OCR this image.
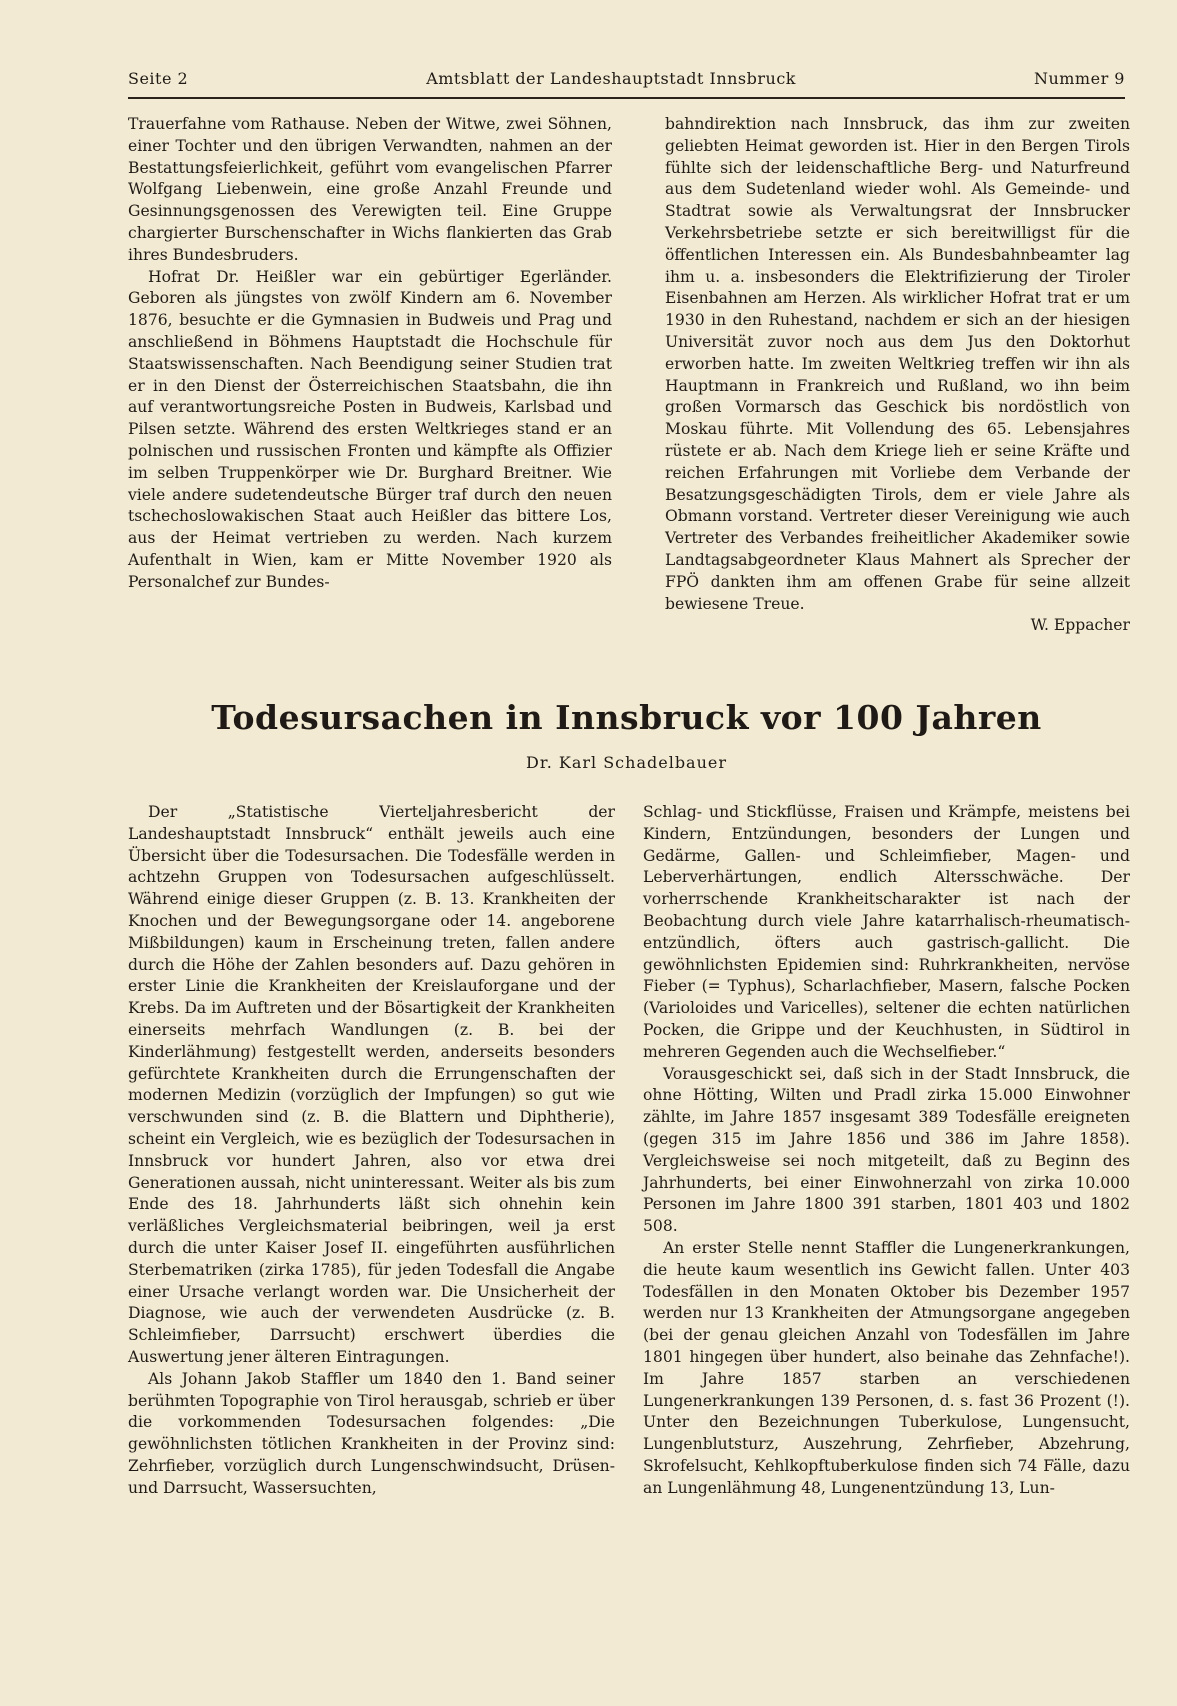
Seite 2	Amtsblatt der Landeshauptstadt Innsbruck	Nummer 9

Trauerfahne vom Rathause. Neben der Witwe, zwei Söhnen, einer Tochter und den übrigen Verwandten, nahmen an der Bestattungsfeierlichkeit, geführt vom evangelischen Pfarrer Wolfgang Liebenwein, eine große Anzahl Freunde und Gesinnungsgenossen des Verewigten teil. Eine Gruppe chargierter Burschenschafter in Wichs flankierten das Grab ihres Bundesbruders.

Hofrat Dr. Heißler war ein gebürtiger Egerländer. Geboren als jüngstes von zwölf Kindern am 6. November 1876, besuchte er die Gymnasien in Budweis und Prag und anschließend in Böhmens Hauptstadt die Hochschule für Staatswissenschaften. Nach Beendigung seiner Studien trat er in den Dienst der Österreichischen Staatsbahn, die ihn auf verantwortungsreiche Posten in Budweis, Karlsbad und Pilsen setzte. Während des ersten Weltkrieges stand er an polnischen und russischen Fronten und kämpfte als Offizier im selben Truppenkörper wie Dr. Burghard Breitner. Wie viele andere sudetendeutsche Bürger traf durch den neuen tschechoslowakischen Staat auch Heißler das bittere Los, aus der Heimat vertrieben zu werden. Nach kurzem Aufenthalt in Wien, kam er Mitte November 1920 als Personalchef zur Bundes-

bahndirektion nach Innsbruck, das ihm zur zweiten geliebten Heimat geworden ist. Hier in den Bergen Tirols fühlte sich der leidenschaftliche Berg- und Naturfreund aus dem Sudetenland wieder wohl. Als Gemeinde- und Stadtrat sowie als Verwaltungsrat der Innsbrucker Verkehrsbetriebe setzte er sich bereitwilligst für die öffentlichen Interessen ein. Als Bundesbahnbeamter lag ihm u. a. insbesonders die Elektrifizierung der Tiroler Eisenbahnen am Herzen. Als wirklicher Hofrat trat er um 1930 in den Ruhestand, nachdem er sich an der hiesigen Universität zuvor noch aus dem Jus den Doktorhut erworben hatte. Im zweiten Weltkrieg treffen wir ihn als Hauptmann in Frankreich und Rußland, wo ihn beim großen Vormarsch das Geschick bis nordöstlich von Moskau führte. Mit Vollendung des 65. Lebensjahres rüstete er ab. Nach dem Kriege lieh er seine Kräfte und reichen Erfahrungen mit Vorliebe dem Verbande der Besatzungsgeschädigten Tirols, dem er viele Jahre als Obmann vorstand. Vertreter dieser Vereinigung wie auch Vertreter des Verbandes freiheitlicher Akademiker sowie Landtagsabgeordneter Klaus Mahnert als Sprecher der FPÖ dankten ihm am offenen Grabe für seine allzeit bewiesene Treue.

W. Eppacher

Todesursachen in Innsbruck vor 100 Jahren
Dr. Karl Schadelbauer

Der „Statistische Vierteljahresbericht der Landeshauptstadt Innsbruck“ enthält jeweils auch eine Übersicht über die Todesursachen. Die Todesfälle werden in achtzehn Gruppen von Todesursachen aufgeschlüsselt. Während einige dieser Gruppen (z. B. 13. Krankheiten der Knochen und der Bewegungsorgane oder 14. angeborene Mißbildungen) kaum in Erscheinung treten, fallen andere durch die Höhe der Zahlen besonders auf. Dazu gehören in erster Linie die Krankheiten der Kreislauforgane und der Krebs. Da im Auftreten und der Bösartigkeit der Krankheiten einerseits mehrfach Wandlungen (z. B. bei der Kinderlähmung) festgestellt werden, anderseits besonders gefürchtete Krankheiten durch die Errungenschaften der modernen Medizin (vorzüglich der Impfungen) so gut wie verschwunden sind (z. B. die Blattern und Diphtherie), scheint ein Vergleich, wie es bezüglich der Todesursachen in Innsbruck vor hundert Jahren, also vor etwa drei Generationen aussah, nicht uninteressant. Weiter als bis zum Ende des 18. Jahrhunderts läßt sich ohnehin kein verläßliches Vergleichsmaterial beibringen, weil ja erst durch die unter Kaiser Josef II. eingeführten ausführlichen Sterbematriken (zirka 1785), für jeden Todesfall die Angabe einer Ursache verlangt worden war. Die Unsicherheit der Diagnose, wie auch der verwendeten Ausdrücke (z. B. Schleimfieber, Darrsucht) erschwert überdies die Auswertung jener älteren Eintragungen.

Als Johann Jakob Staffler um 1840 den 1. Band seiner berühmten Topographie von Tirol herausgab, schrieb er über die vorkommenden Todesursachen folgendes: „Die gewöhnlichsten tötlichen Krankheiten in der Provinz sind: Zehrfieber, vorzüglich durch Lungenschwindsucht, Drüsen- und Darrsucht, Wassersuchten,

Schlag- und Stickflüsse, Fraisen und Krämpfe, meistens bei Kindern, Entzündungen, besonders der Lungen und Gedärme, Gallen- und Schleimfieber, Magen- und Leberverhärtungen, endlich Altersschwäche. Der vorherrschende Krankheitscharakter ist nach der Beobachtung durch viele Jahre katarrhalisch-rheumatisch-entzündlich, öfters auch gastrisch-gallicht. Die gewöhnlichsten Epidemien sind: Ruhrkrankheiten, nervöse Fieber (= Typhus), Scharlachfieber, Masern, falsche Pocken (Varioloides und Varicelles), seltener die echten natürlichen Pocken, die Grippe und der Keuchhusten, in Südtirol in mehreren Gegenden auch die Wechselfieber.“

Vorausgeschickt sei, daß sich in der Stadt Innsbruck, die ohne Hötting, Wilten und Pradl zirka 15.000 Einwohner zählte, im Jahre 1857 insgesamt 389 Todesfälle ereigneten (gegen 315 im Jahre 1856 und 386 im Jahre 1858). Vergleichsweise sei noch mitgeteilt, daß zu Beginn des Jahrhunderts, bei einer Einwohnerzahl von zirka 10.000 Personen im Jahre 1800 391 starben, 1801 403 und 1802 508.

An erster Stelle nennt Staffler die Lungenerkrankungen, die heute kaum wesentlich ins Gewicht fallen. Unter 403 Todesfällen in den Monaten Oktober bis Dezember 1957 werden nur 13 Krankheiten der Atmungsorgane angegeben (bei der genau gleichen Anzahl von Todesfällen im Jahre 1801 hingegen über hundert, also beinahe das Zehnfache!). Im Jahre 1857 starben an verschiedenen Lungenerkrankungen 139 Personen, d. s. fast 36 Prozent (!). Unter den Bezeichnungen Tuberkulose, Lungensucht, Lungenblutsturz, Auszehrung, Zehrfieber, Abzehrung, Skrofelsucht, Kehlkopftuberkulose finden sich 74 Fälle, dazu an Lungenlähmung 48, Lungenentzündung 13, Lun-
